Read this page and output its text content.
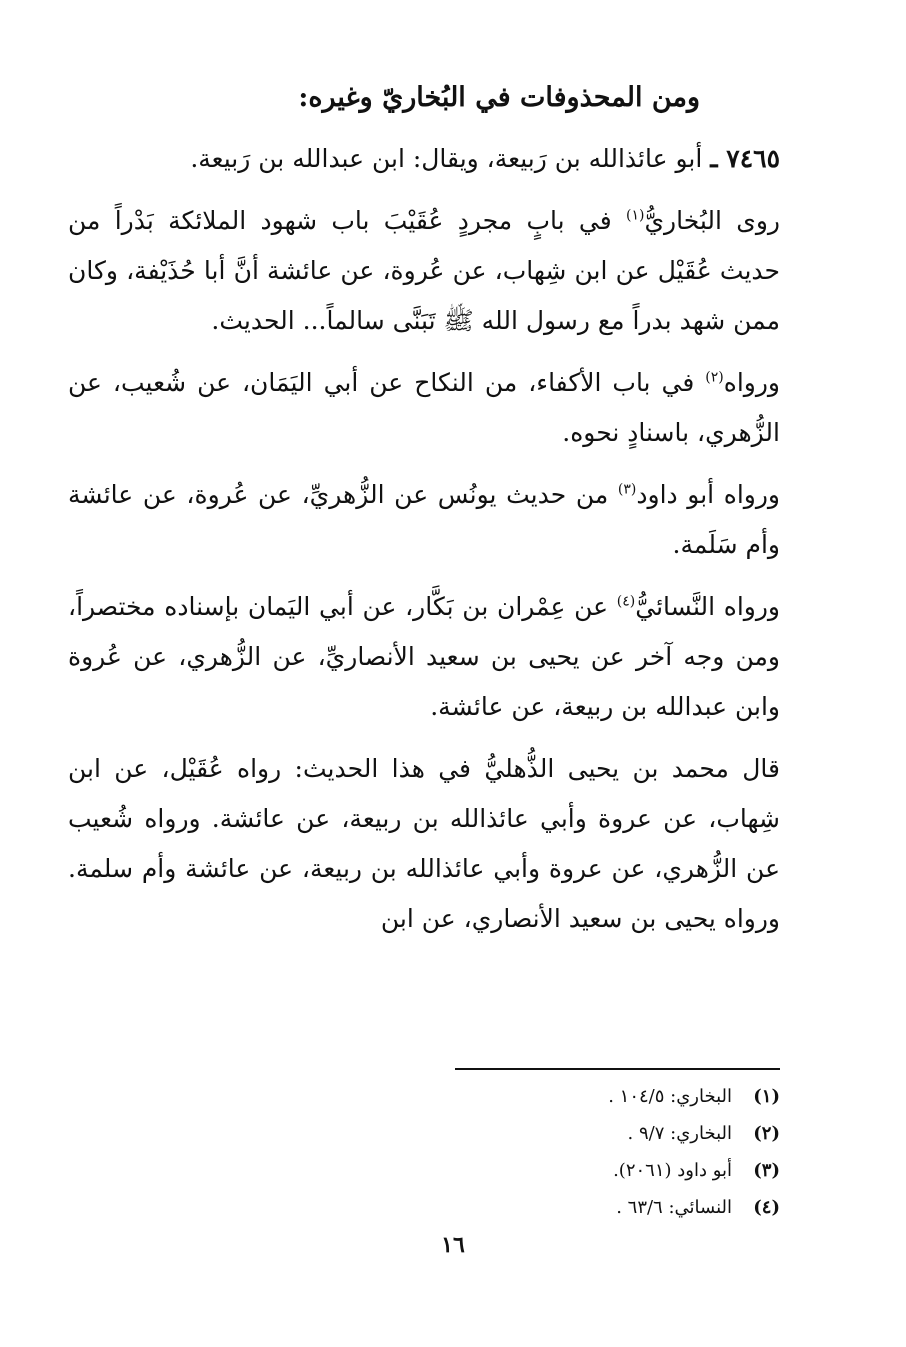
ومن المحذوفات في البُخاريّ وغيره:

٧٤٦٥ ـ أبو عائذالله بن رَبيعة، ويقال: ابن عبدالله بن رَبيعة.

روى البُخاريُّ$^{(١)}$ في بابٍ مجردٍ عُقَيْبَ باب شهود الملائكة بَدْراً من حديث عُقَيْل عن ابن شِهاب، عن عُروة، عن عائشة أنَّ أبا حُذَيْفة، وكان ممن شهد بدراً مع رسول الله ﷺ تَبَنَّى سالماً... الحديث.

ورواه$^{(٢)}$ في باب الأكفاء، من النكاح عن أبي اليَمَان، عن شُعيب، عن الزُّهري، باسنادٍ نحوه.

ورواه أبو داود$^{(٣)}$ من حديث يونُس عن الزُّهريِّ، عن عُروة، عن عائشة وأم سَلَمة.

ورواه النَّسائيُّ$^{(٤)}$ عن عِمْران بن بَكَّار، عن أبي اليَمان بإسناده مختصراً، ومن وجه آخر عن يحيى بن سعيد الأنصاريِّ، عن الزُّهري، عن عُروة وابن عبدالله بن ربيعة، عن عائشة.

قال محمد بن يحيى الذُّهليُّ في هذا الحديث: رواه عُقَيْل، عن ابن شِهاب، عن عروة وأبي عائذالله بن ربيعة، عن عائشة. ورواه شُعيب عن الزُّهري، عن عروة وأبي عائذالله بن ربيعة، عن عائشة وأم سلمة. ورواه يحيى بن سعيد الأنصاري، عن ابن

(١)
البخاري: ١٠٤/٥ .
(٢)
البخاري: ٩/٧ .
(٣)
أبو داود (٢٠٦١).
(٤)
النسائي: ٦٣/٦ .
١٦
